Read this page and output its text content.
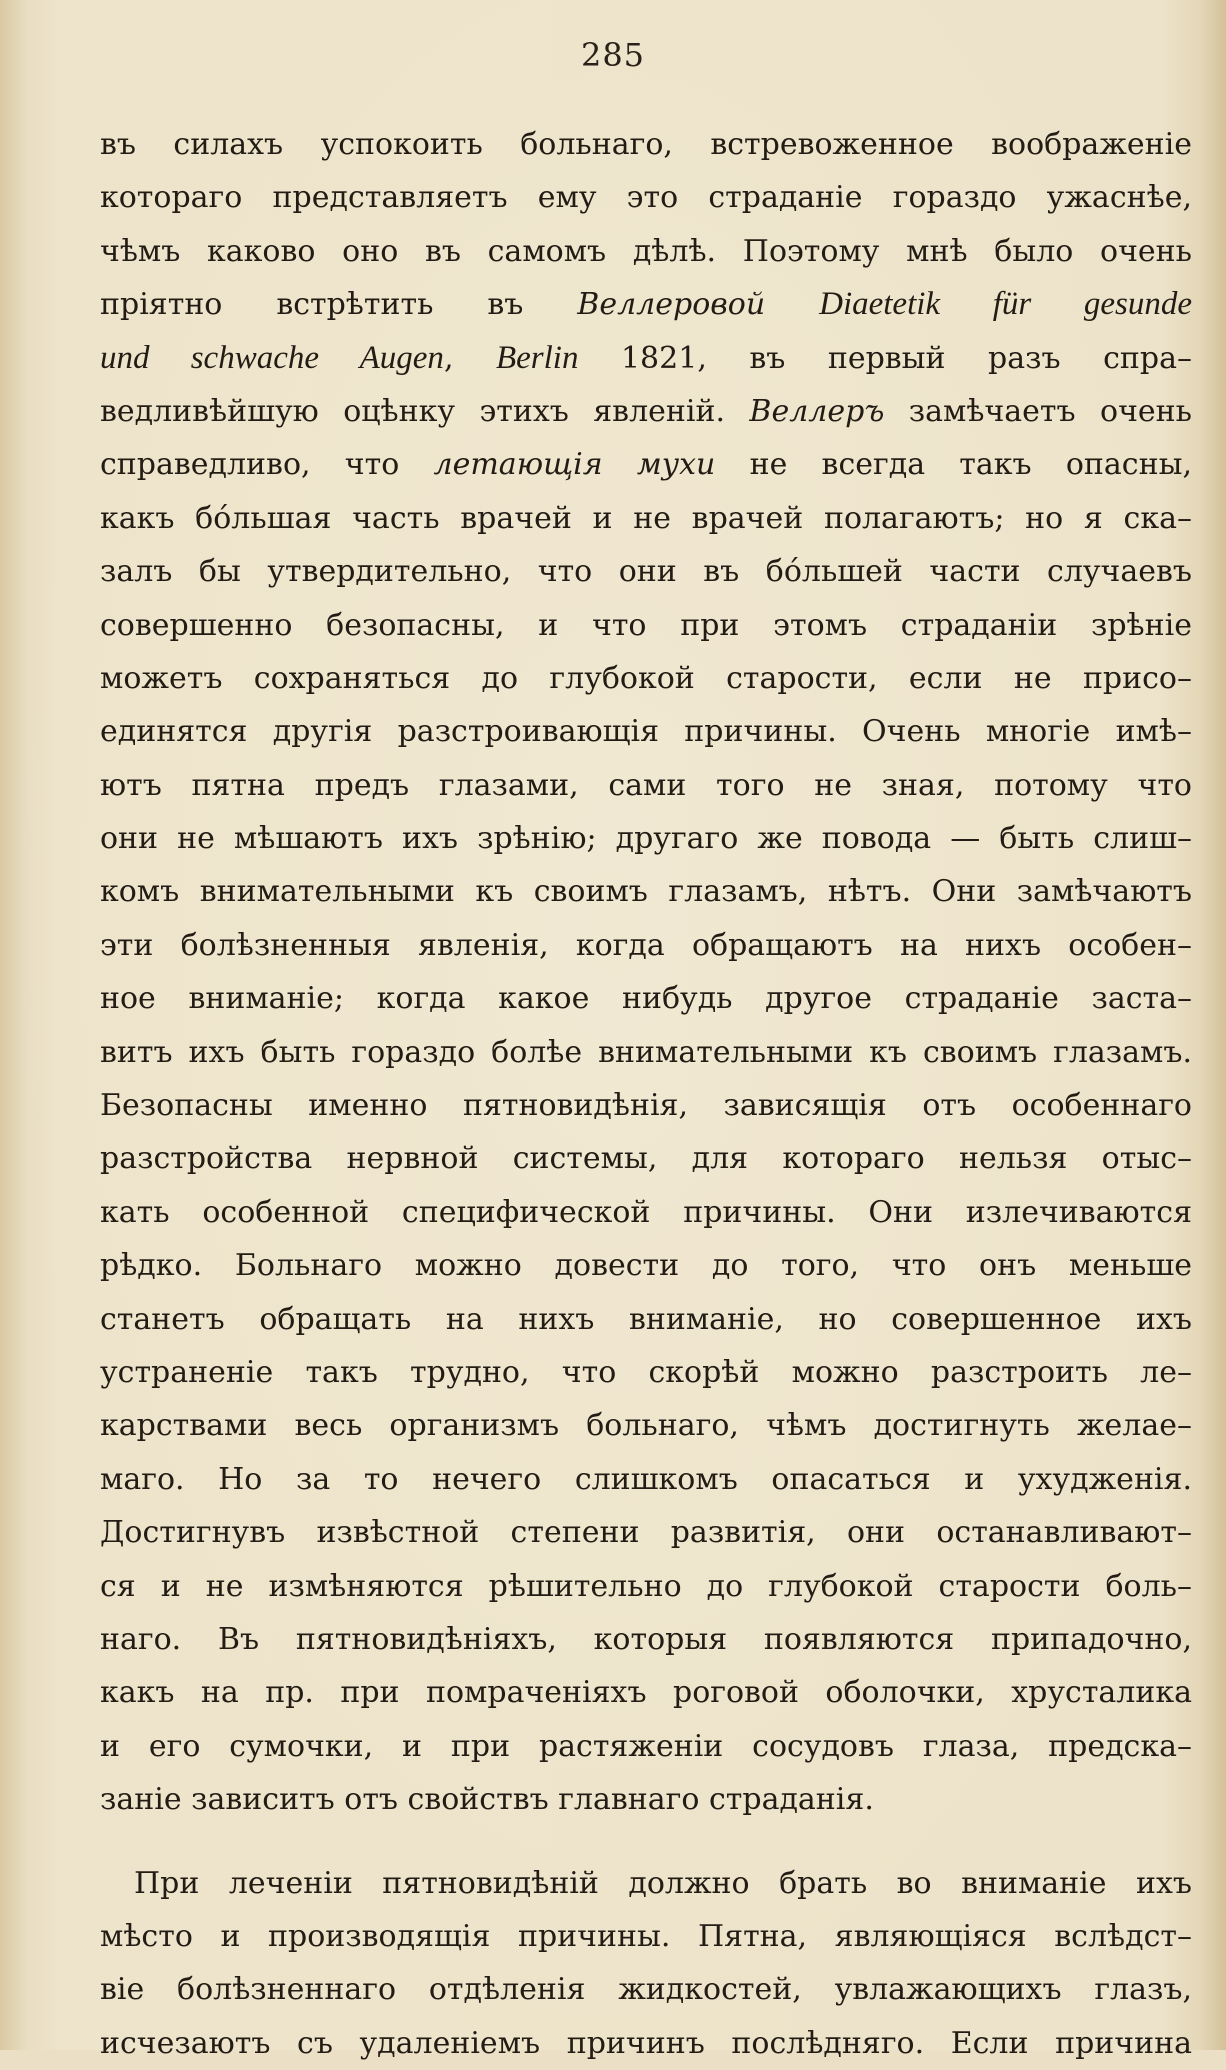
285
въ силахъ успокоить больнаго, встревоженное воображеніе
котораго представляетъ ему это страданіе гораздо ужаснѣе,
чѣмъ каково оно въ самомъ дѣлѣ. Поэтому мнѣ было очень
пріятно встрѣтить въ Веллеровой Diaetetik für gesunde
und schwache Augen, Berlin 1821, въ первый разъ спра–
ведливѣйшую оцѣнку этихъ явленій. Веллеръ замѣчаетъ очень
справедливо, что летающія мухи не всегда такъ опасны,
какъ бо́льшая часть врачей и не врачей полагаютъ; но я ска–
залъ бы утвердительно, что они въ бо́льшей части случаевъ
совершенно безопасны, и что при этомъ страданіи зрѣніе
можетъ сохраняться до глубокой старости, если не присо–
единятся другія разстроивающія причины. Очень многіе имѣ–
ютъ пятна предъ глазами, сами того не зная, потому что
они не мѣшаютъ ихъ зрѣнію; другаго же повода — быть слиш–
комъ внимательными къ своимъ глазамъ, нѣтъ. Они замѣчаютъ
эти болѣзненныя явленія, когда обращаютъ на нихъ особен–
ное вниманіе; когда какое нибудь другое страданіе заста–
витъ ихъ быть гораздо болѣе внимательными къ своимъ глазамъ.
Безопасны именно пятновидѣнія, зависящія отъ особеннаго
разстройства нервной системы, для котораго нельзя отыс–
кать особенной специфической причины. Они излечиваются
рѣдко. Больнаго можно довести до того, что онъ меньше
станетъ обращать на нихъ вниманіе, но совершенное ихъ
устраненіе такъ трудно, что скорѣй можно разстроить ле–
карствами весь организмъ больнаго, чѣмъ достигнуть желае–
маго. Но за то нечего слишкомъ опасаться и ухудженія.
Достигнувъ извѣстной степени развитія, они останавливают–
ся и не измѣняются рѣшительно до глубокой старости боль–
наго. Въ пятновидѣніяхъ, которыя появляются припадочно,
какъ на пр. при помраченіяхъ роговой оболочки, хрусталика
и его сумочки, и при растяженіи сосудовъ глаза, предска–
заніе зависитъ отъ свойствъ главнаго страданія.
При леченіи пятновидѣній должно брать во вниманіе ихъ
мѣсто и производящія причины. Пятна, являющіяся вслѣдст–
віе болѣзненнаго отдѣленія жидкостей, увлажающихъ глазъ,
исчезаютъ съ удаленіемъ причинъ послѣдняго. Если причина
